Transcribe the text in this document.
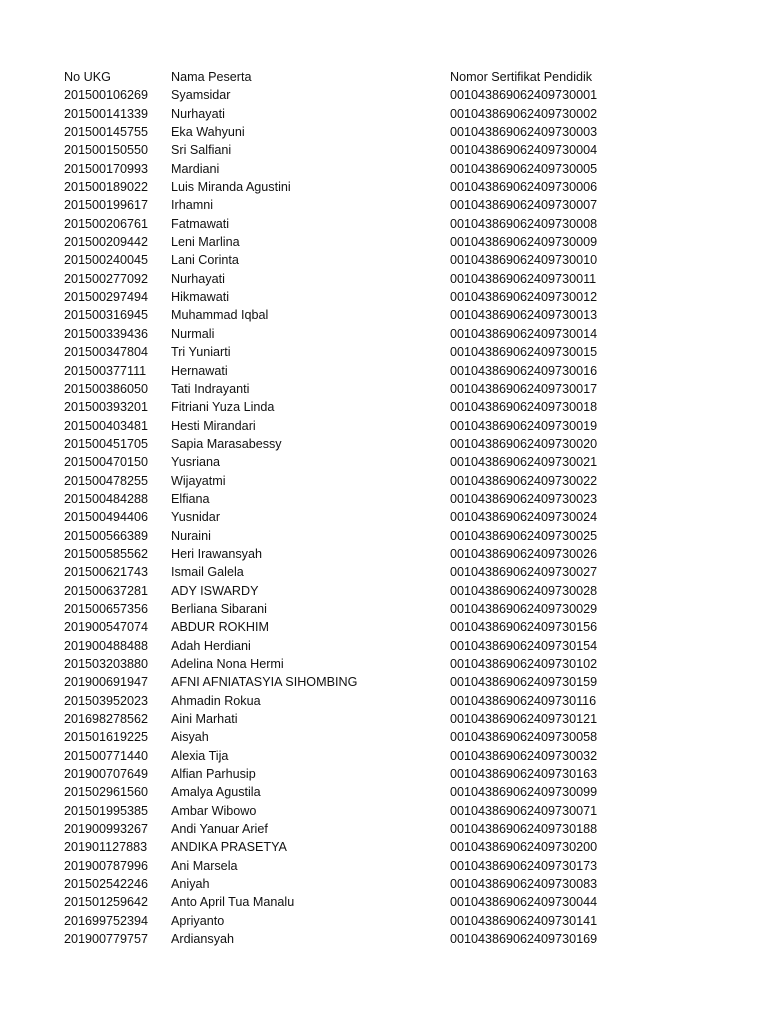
No UKG	Nama Peserta	Nomor Sertifikat Pendidik
201500106269	Syamsidar	001043869062409730001
201500141339	Nurhayati	001043869062409730002
201500145755	Eka Wahyuni	001043869062409730003
201500150550	Sri Salfiani	001043869062409730004
201500170993	Mardiani	001043869062409730005
201500189022	Luis Miranda Agustini	001043869062409730006
201500199617	Irhamni	001043869062409730007
201500206761	Fatmawati	001043869062409730008
201500209442	Leni Marlina	001043869062409730009
201500240045	Lani Corinta	001043869062409730010
201500277092	Nurhayati	001043869062409730011
201500297494	Hikmawati	001043869062409730012
201500316945	Muhammad Iqbal	001043869062409730013
201500339436	Nurmali	001043869062409730014
201500347804	Tri Yuniarti	001043869062409730015
201500377111	Hernawati	001043869062409730016
201500386050	Tati Indrayanti	001043869062409730017
201500393201	Fitriani Yuza Linda	001043869062409730018
201500403481	Hesti Mirandari	001043869062409730019
201500451705	Sapia Marasabessy	001043869062409730020
201500470150	Yusriana	001043869062409730021
201500478255	Wijayatmi	001043869062409730022
201500484288	Elfiana	001043869062409730023
201500494406	Yusnidar	001043869062409730024
201500566389	Nuraini	001043869062409730025
201500585562	Heri Irawansyah	001043869062409730026
201500621743	Ismail Galela	001043869062409730027
201500637281	ADY ISWARDY	001043869062409730028
201500657356	Berliana Sibarani	001043869062409730029
201900547074	ABDUR ROKHIM	001043869062409730156
201900488488	Adah Herdiani	001043869062409730154
201503203880	Adelina Nona Hermi	001043869062409730102
201900691947	AFNI AFNIATASYIA SIHOMBING	001043869062409730159
201503952023	Ahmadin Rokua	001043869062409730116
201698278562	Aini Marhati	001043869062409730121
201501619225	Aisyah	001043869062409730058
201500771440	Alexia Tija	001043869062409730032
201900707649	Alfian Parhusip	001043869062409730163
201502961560	Amalya Agustila	001043869062409730099
201501995385	Ambar Wibowo	001043869062409730071
201900993267	Andi Yanuar Arief	001043869062409730188
201901127883	ANDIKA PRASETYA	001043869062409730200
201900787996	Ani Marsela	001043869062409730173
201502542246	Aniyah	001043869062409730083
201501259642	Anto April Tua Manalu	001043869062409730044
201699752394	Apriyanto	001043869062409730141
201900779757	Ardiansyah	001043869062409730169
